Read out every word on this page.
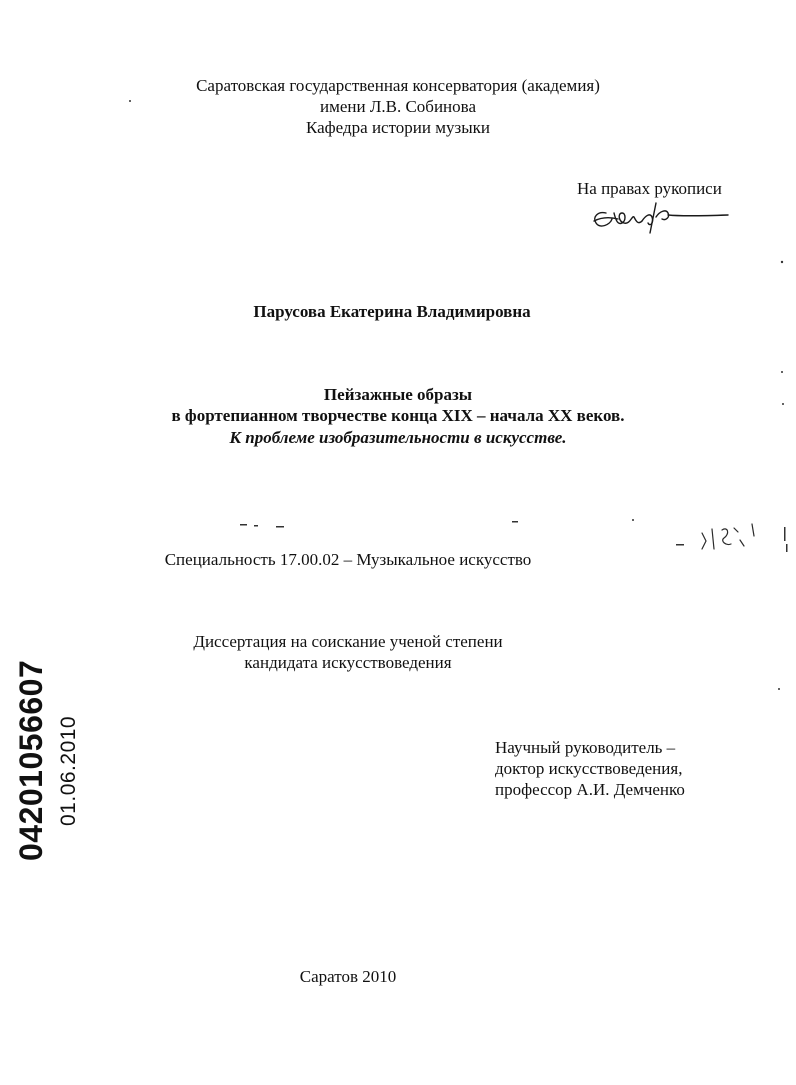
Саратовская государственная консерватория (академия)
имени Л.В. Собинова
Кафедра истории музыки
На правах рукописи
Парусова Екатерина Владимировна
Пейзажные образы
в фортепианном творчестве конца XIX – начала XX веков.
К проблеме изобразительности в искусстве.
Специальность 17.00.02 – Музыкальное искусство
Диссертация на соискание ученой степени
кандидата искусствоведения
Научный руководитель –
доктор искусствоведения,
профессор А.И. Демченко
Саратов 2010
04201056607 01.06.2010
